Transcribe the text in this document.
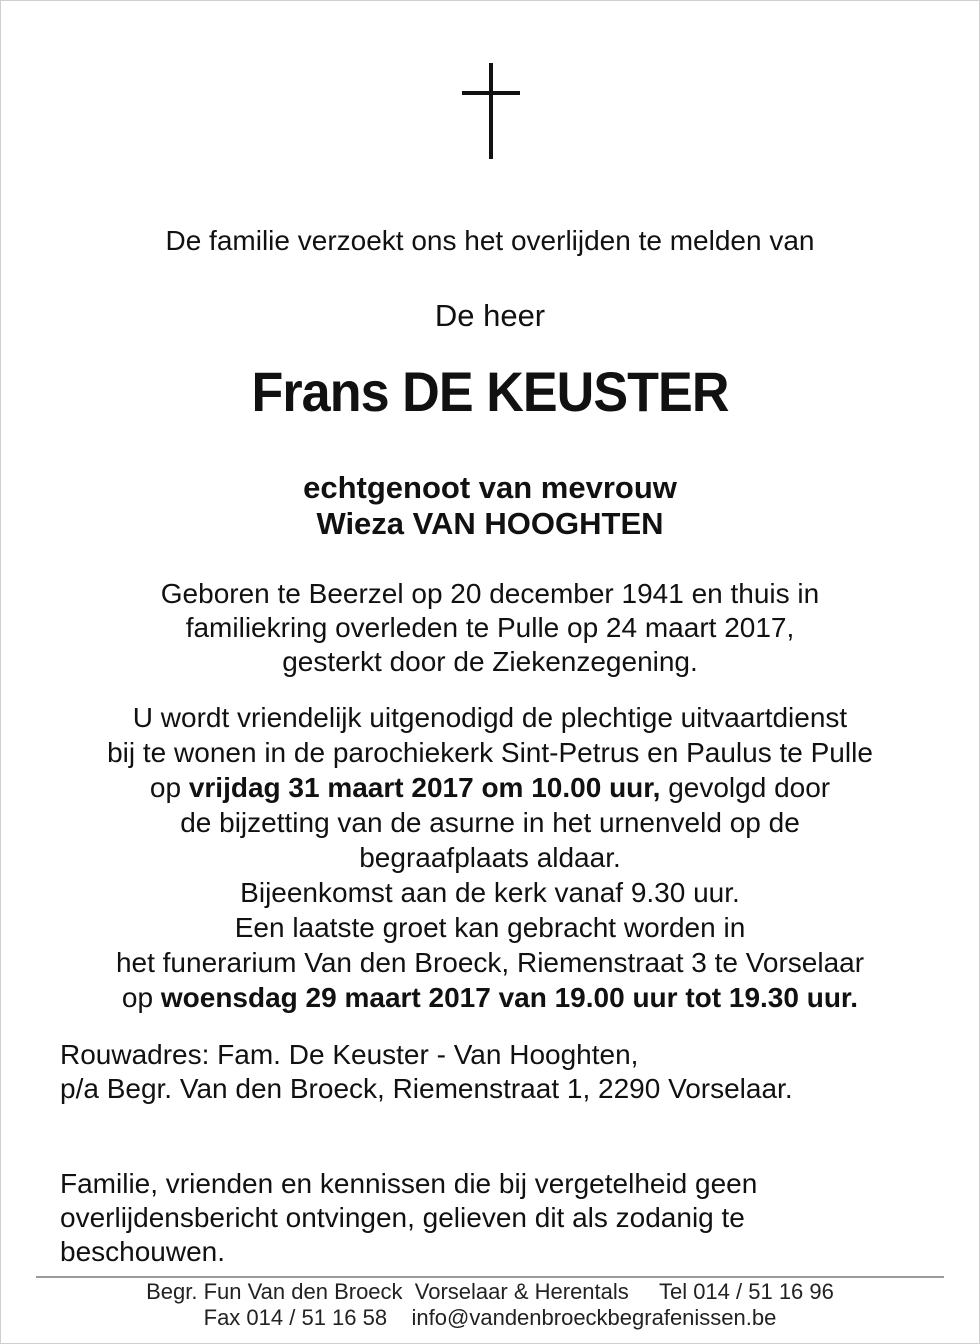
De familie verzoekt ons het overlijden te melden van
De heer
Frans DE KEUSTER
echtgenoot van mevrouw
Wieza VAN HOOGHTEN
Geboren te Beerzel op 20 december 1941 en thuis in
familiekring overleden te Pulle op 24 maart 2017,
gesterkt door de Ziekenzegening.
U wordt vriendelijk uitgenodigd de plechtige uitvaartdienst
bij te wonen in de parochiekerk Sint-Petrus en Paulus te Pulle
op vrijdag 31 maart 2017 om 10.00 uur, gevolgd door
de bijzetting van de asurne in het urnenveld op de
begraafplaats aldaar.
Bijeenkomst aan de kerk vanaf 9.30 uur.
Een laatste groet kan gebracht worden in
het funerarium Van den Broeck, Riemenstraat 3 te Vorselaar
op woensdag 29 maart 2017 van 19.00 uur tot 19.30 uur.
Rouwadres: Fam. De Keuster - Van Hooghten,
p/a Begr. Van den Broeck, Riemenstraat 1, 2290 Vorselaar.
Familie, vrienden en kennissen die bij vergetelheid geen
overlijdensbericht ontvingen, gelieven dit als zodanig te
beschouwen.
Begr. Fun Van den Broeck Vorselaar & Herentals Tel 014 / 51 16 96
Fax 014 / 51 16 58 info@vandenbroeckbegrafenissen.be
